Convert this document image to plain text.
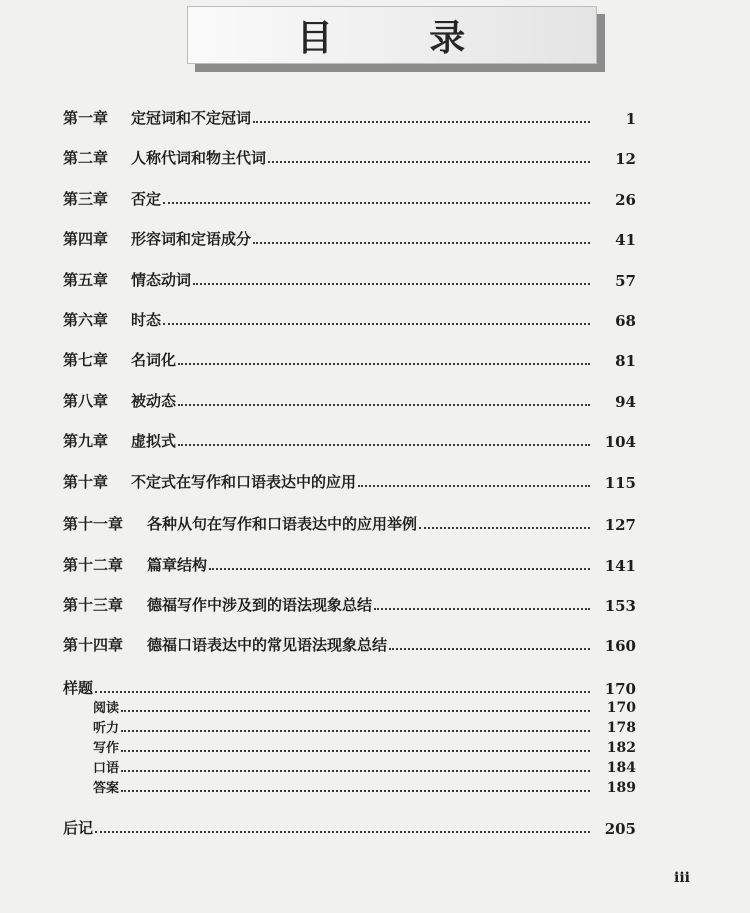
目 录
第一章	定冠词和不定冠词	1
第二章	人称代词和物主代词	12
第三章	否定	26
第四章	形容词和定语成分	41
第五章	情态动词	57
第六章	时态	68
第七章	名词化	81
第八章	被动态	94
第九章	虚拟式	104
第十章	不定式在写作和口语表达中的应用	115
第十一章	各种从句在写作和口语表达中的应用举例	127
第十二章	篇章结构	141
第十三章	德福写作中涉及到的语法现象总结	153
第十四章	德福口语表达中的常见语法现象总结	160
样题	170
阅读	170
听力	178
写作	182
口语	184
答案	189
后记	205
iii
